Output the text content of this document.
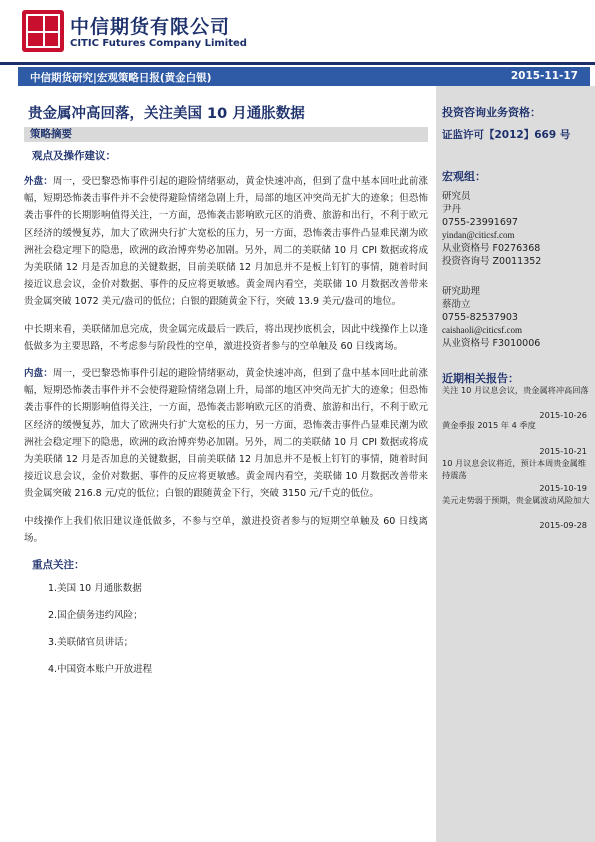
中信期货有限公司
CITIC Futures Company Limited
中信期货研究|宏观策略日报(黄金白银)	2015-11-17
贵金属冲高回落，关注美国 10 月通胀数据
策略摘要
观点及操作建议：

外盘：周一，受巴黎恐怖事件引起的避险情绪驱动，黄金快速冲高，但到了盘中基本回吐此前涨幅，短期恐怖袭击事件并不会使得避险情绪急剧上升，局部的地区冲突尚无扩大的迹象；但恐怖袭击事件的长期影响值得关注，一方面，恐怖袭击影响欧元区的消费、旅游和出行，不利于欧元区经济的缓慢复苏，加大了欧洲央行扩大宽松的压力，另一方面，恐怖袭击事件凸显难民潮为欧洲社会稳定埋下的隐患，欧洲的政治博弈势必加剧。另外，周二的美联储 10 月 CPI 数据或将成为美联储 12 月是否加息的关键数据，目前美联储 12 月加息并不是板上钉钉的事情，随着时间接近议息会议，金价对数据、事件的反应将更敏感。黄金周内看空，美联储 10 月数据改善带来贵金属突破 1072 美元/盎司的低位；白银的跟随黄金下行，突破 13.9 美元/盎司的地位。

中长期来看，美联储加息完成，贵金属完成最后一跌后，将出现抄底机会，因此中线操作上以逢低做多为主要思路，不考虑参与阶段性的空单，激进投资者参与的空单触及 60 日线离场。

内盘：周一，受巴黎恐怖事件引起的避险情绪驱动，黄金快速冲高，但到了盘中基本回吐此前涨幅，短期恐怖袭击事件并不会使得避险情绪急剧上升，局部的地区冲突尚无扩大的迹象；但恐怖袭击事件的长期影响值得关注，一方面，恐怖袭击影响欧元区的消费、旅游和出行，不利于欧元区经济的缓慢复苏，加大了欧洲央行扩大宽松的压力，另一方面，恐怖袭击事件凸显难民潮为欧洲社会稳定埋下的隐患，欧洲的政治博弈势必加剧。另外，周二的美联储 10 月 CPI 数据或将成为美联储 12 月是否加息的关键数据，目前美联储 12 月加息并不是板上钉钉的事情，随着时间接近议息会议，金价对数据、事件的反应将更敏感。黄金周内看空，美联储 10 月数据改善带来贵金属突破 216.8 元/克的低位；白银的跟随黄金下行，突破 3150 元/千克的低位。

中线操作上我们依旧建议逢低做多，不参与空单，激进投资者参与的短期空单触及 60 日线离场。

重点关注：
1.美国 10 月通胀数据
2.国企债务违约风险；
3.美联储官员讲话；
4.中国资本账户开放进程
投资咨询业务资格：
证监许可【2012】669 号
宏观组：
研究员
尹丹
0755-23991697
yindan@citicsf.com
从业资格号 F0276368
投资咨询号 Z0011352
研究助理
蔡劭立
0755-82537903
caishaoli@citicsf.com
从业资格号 F3010006
近期相关报告：
关注 10 月议息会议，贵金属将冲高回落
2015-10-26
黄金季报 2015 年 4 季度
2015-10-21
10 月议息会议将近，预计本周贵金属维持震荡
2015-10-19
美元走势弱于预期，贵金属波动风险加大
2015-09-28
